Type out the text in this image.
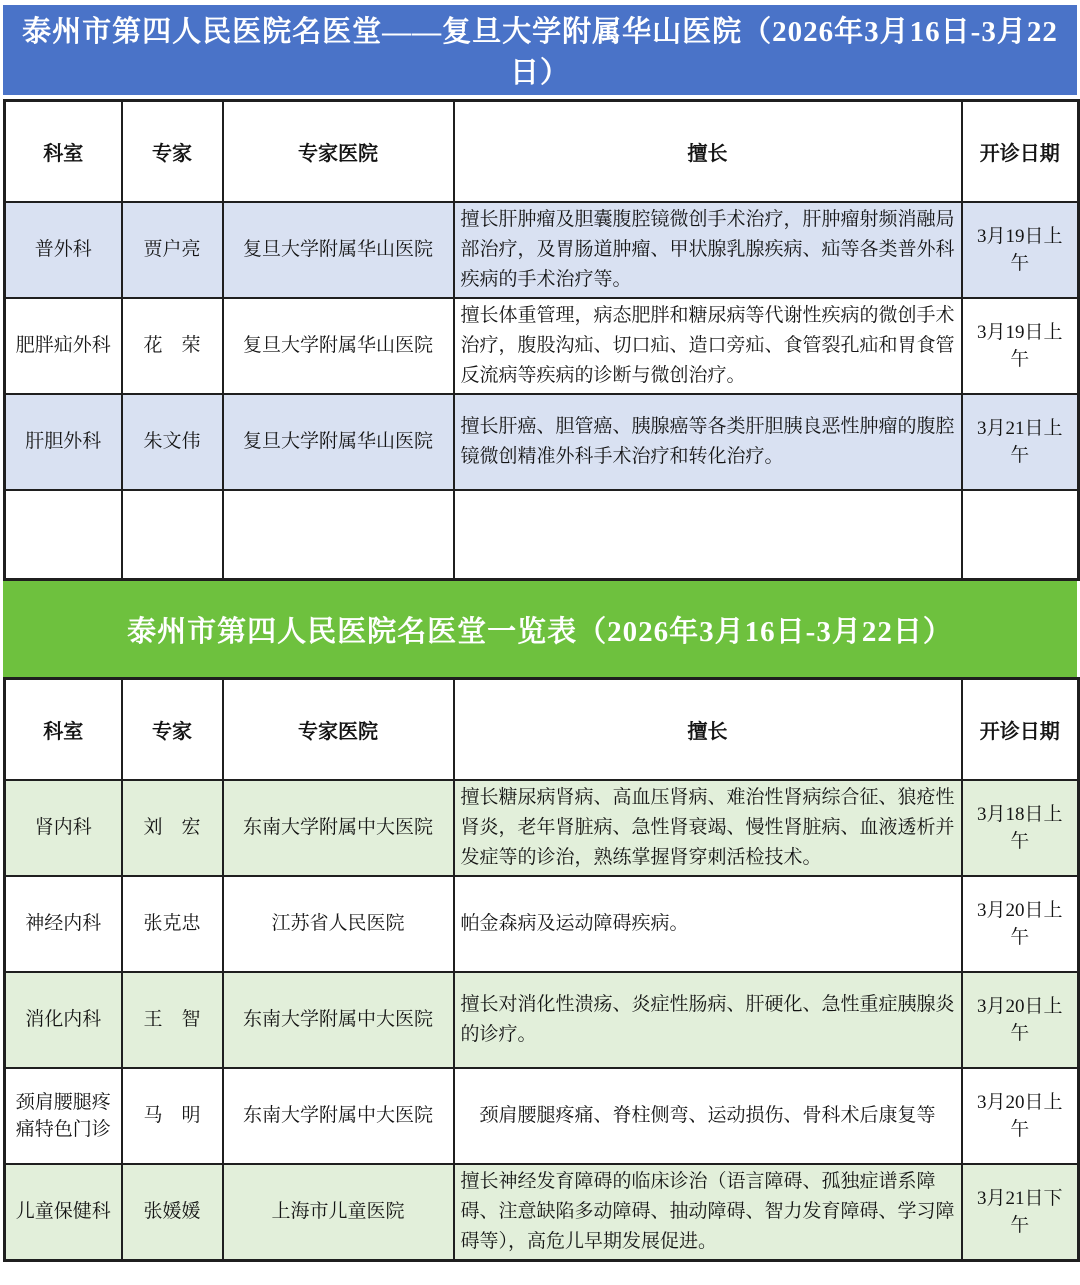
泰州市第四人民医院名医堂——复旦大学附属华山医院（2026年3月16日-3月22日）
科室	专家	专家医院	擅长	开诊日期
普外科	贾户亮	复旦大学附属华山医院	擅长肝肿瘤及胆囊腹腔镜微创手术治疗，肝肿瘤射频消融局部治疗，及胃肠道肿瘤、甲状腺乳腺疾病、疝等各类普外科疾病的手术治疗等。	3月19日上午
肥胖疝外科	花　荣	复旦大学附属华山医院	擅长体重管理，病态肥胖和糖尿病等代谢性疾病的微创手术治疗，腹股沟疝、切口疝、造口旁疝、食管裂孔疝和胃食管反流病等疾病的诊断与微创治疗。	3月19日上午
肝胆外科	朱文伟	复旦大学附属华山医院	擅长肝癌、胆管癌、胰腺癌等各类肝胆胰良恶性肿瘤的腹腔镜微创精准外科手术治疗和转化治疗。	3月21日上午

泰州市第四人民医院名医堂一览表（2026年3月16日-3月22日）
科室	专家	专家医院	擅长	开诊日期
肾内科	刘　宏	东南大学附属中大医院	擅长糖尿病肾病、高血压肾病、难治性肾病综合征、狼疮性肾炎，老年肾脏病、急性肾衰竭、慢性肾脏病、血液透析并发症等的诊治，熟练掌握肾穿刺活检技术。	3月18日上午
神经内科	张克忠	江苏省人民医院	帕金森病及运动障碍疾病。	3月20日上午
消化内科	王　智	东南大学附属中大医院	擅长对消化性溃疡、炎症性肠病、肝硬化、急性重症胰腺炎的诊疗。	3月20日上午
颈肩腰腿疼痛特色门诊	马　明	东南大学附属中大医院	颈肩腰腿疼痛、脊柱侧弯、运动损伤、骨科术后康复等	3月20日上午
儿童保健科	张媛媛	上海市儿童医院	擅长神经发育障碍的临床诊治（语言障碍、孤独症谱系障碍、注意缺陷多动障碍、抽动障碍、智力发育障碍、学习障碍等），高危儿早期发展促进。	3月21日下午
